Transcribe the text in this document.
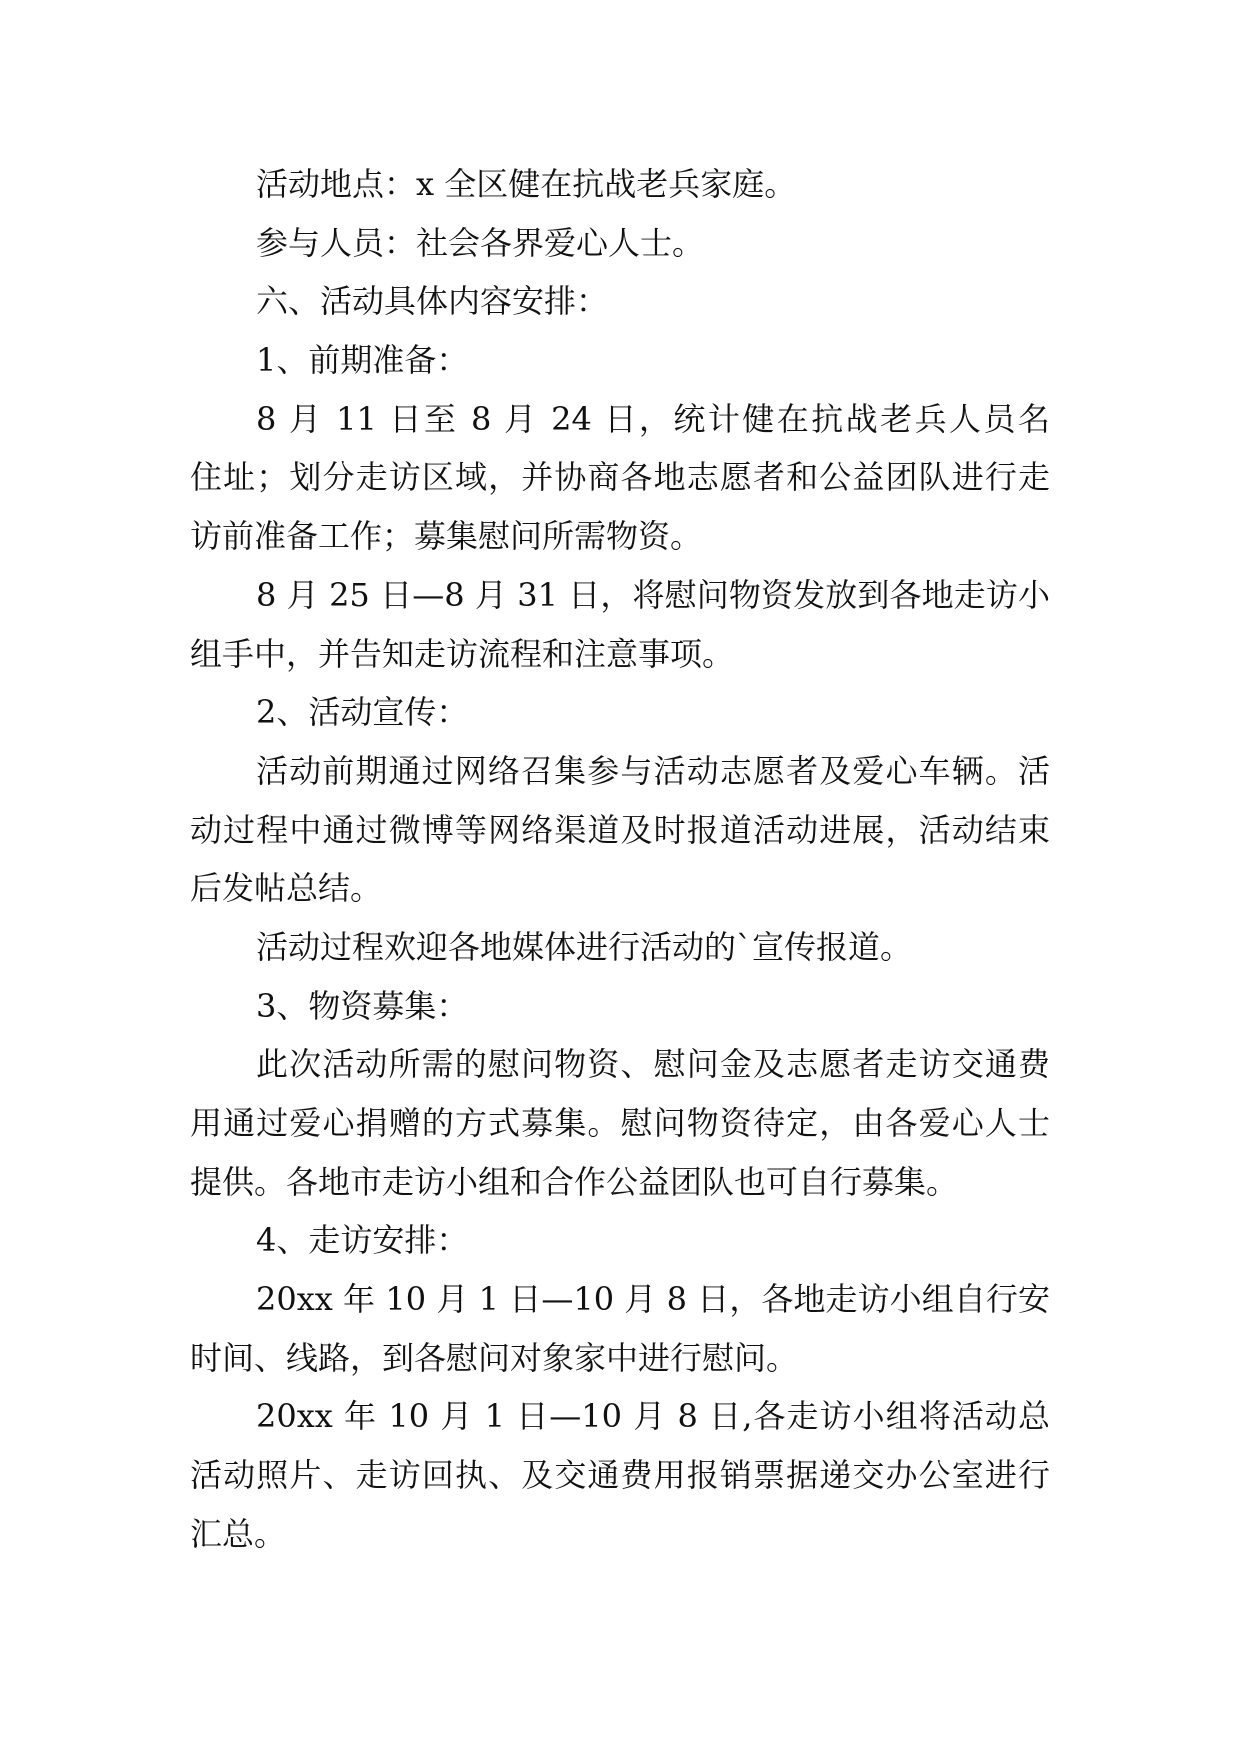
活动地点：x 全区健在抗战老兵家庭。
参与人员：社会各界爱心人士。
六、活动具体内容安排：
1、前期准备：
8 月 11 日至 8 月 24 日，统计健在抗战老兵人员名
住址；划分走访区域，并协商各地志愿者和公益团队进行走
访前准备工作；募集慰问所需物资。
8 月 25 日—8 月 31 日，将慰问物资发放到各地走访小
组手中，并告知走访流程和注意事项。
2、活动宣传：
活动前期通过网络召集参与活动志愿者及爱心车辆。活
动过程中通过微博等网络渠道及时报道活动进展，活动结束
后发帖总结。
活动过程欢迎各地媒体进行活动的`宣传报道。
3、物资募集：
此次活动所需的慰问物资、慰问金及志愿者走访交通费
用通过爱心捐赠的方式募集。慰问物资待定，由各爱心人士
提供。各地市走访小组和合作公益团队也可自行募集。
4、走访安排：
20xx 年 10 月 1 日—10 月 8 日，各地走访小组自行安
时间、线路，到各慰问对象家中进行慰问。
20xx 年 10 月 1 日—10 月 8 日,各走访小组将活动总
活动照片、走访回执、及交通费用报销票据递交办公室进行
汇总。
